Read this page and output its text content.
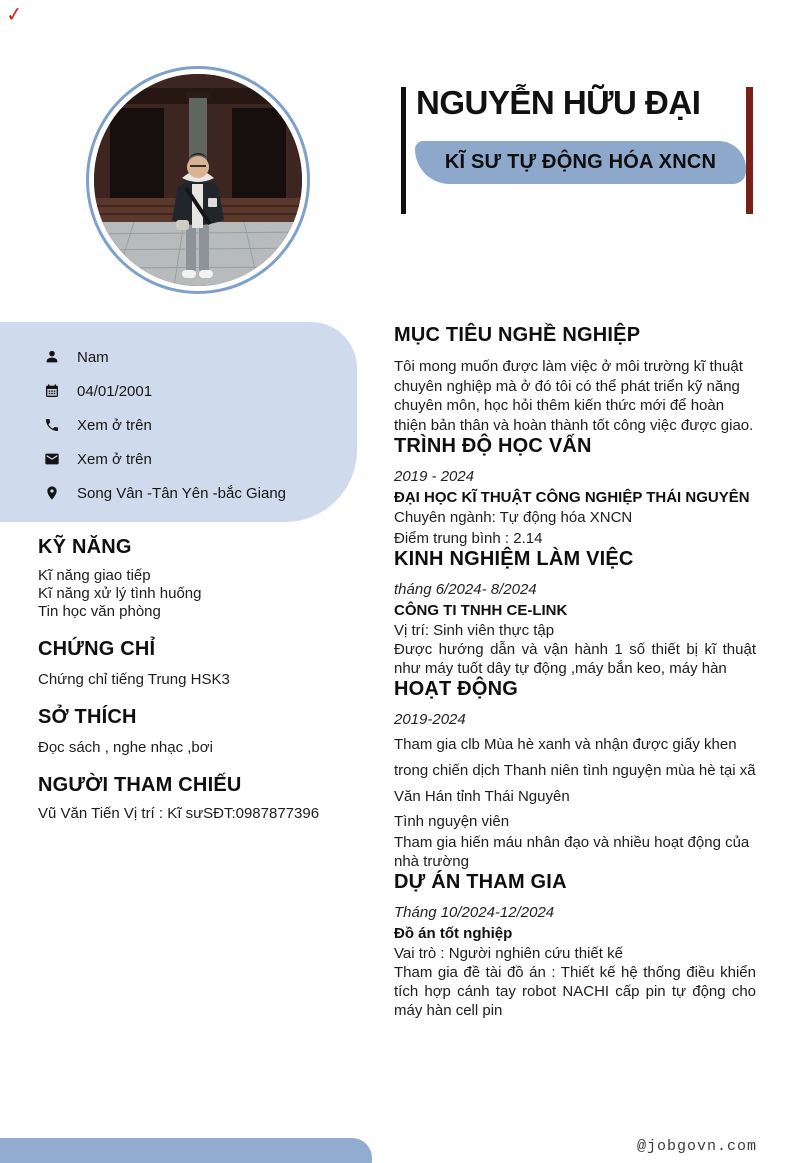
✓
NGUYỄN HỮU ĐẠI
KĨ SƯ TỰ ĐỘNG HÓA XNCN
Nam
04/01/2001
Xem ở trên
Xem ở trên
Song Vân -Tân Yên -bắc Giang
KỸ NĂNG
Kĩ năng giao tiếp
Kĩ năng xử lý tình huống
Tin học văn phòng
CHỨNG CHỈ
Chứng chỉ tiếng Trung HSK3
SỞ THÍCH
Đọc sách , nghe nhạc ,bơi
NGƯỜI THAM CHIẾU
Vũ Văn Tiến Vị trí : Kĩ sưSĐT:0987877396
MỤC TIÊU NGHỀ NGHIỆP

Tôi mong muốn được làm việc ở môi trường kĩ thuật chuyên nghiệp mà ở đó tôi có thể phát triển kỹ năng chuyên môn, học hỏi thêm kiến thức mới để hoàn thiện bản thân và hoàn thành tốt công việc được giao.

TRÌNH ĐỘ HỌC VẤN
2019 - 2024
ĐẠI HỌC KĨ THUẬT CÔNG NGHIỆP THÁI NGUYÊN
Chuyên ngành: Tự động hóa XNCN
Điểm trung bình : 2.14
KINH NGHIỆM LÀM VIỆC
tháng 6/2024- 8/2024
CÔNG TI TNHH CE-LINK
Vị trí: Sinh viên thực tập

Được hướng dẫn và vận hành 1 số thiết bị kĩ thuật như máy tuốt dây tự động ,máy bắn keo, máy hàn

HOẠT ĐỘNG
2019-2024
Tham gia clb Mùa hè xanh và nhận được giấy khen trong chiến dịch Thanh niên tình nguyện mùa hè tại xã Văn Hán tỉnh Thái Nguyên
Tình nguyện viên
Tham gia hiến máu nhân đạo và nhiều hoạt động của nhà trường
DỰ ÁN THAM GIA
Tháng 10/2024-12/2024
Đồ án tốt nghiệp
Vai trò : Người nghiên cứu thiết kế

Tham gia đề tài đồ án : Thiết kế hệ thống điều khiển tích hợp cánh tay robot NACHI cấp pin tự động cho máy hàn cell pin

@jobgovn.com
